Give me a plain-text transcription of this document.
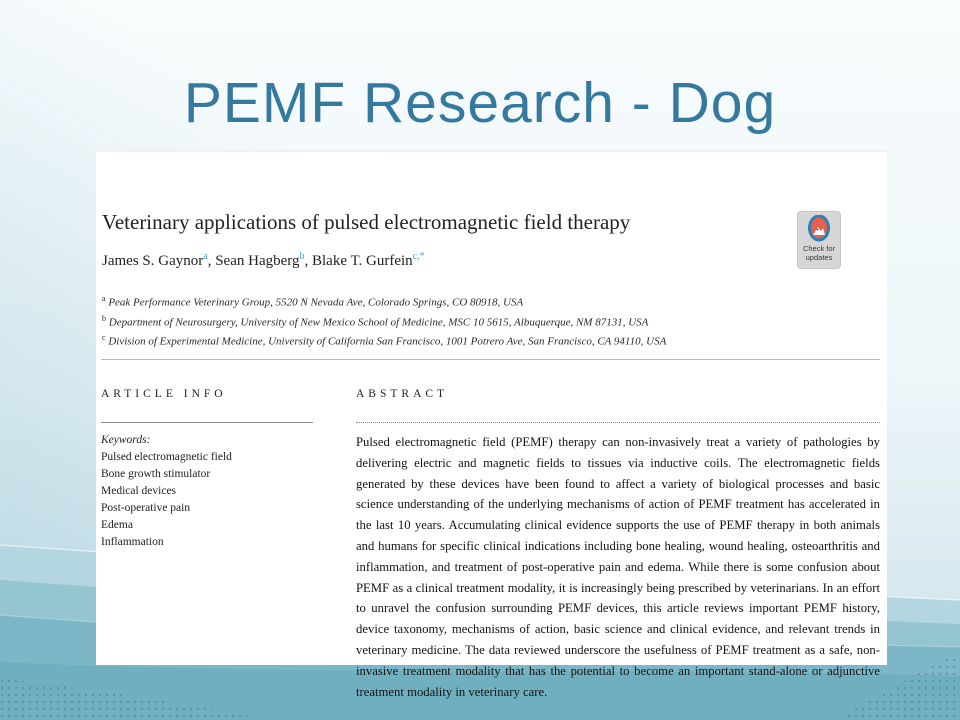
PEMF Research - Dog
Veterinary applications of pulsed electromagnetic field therapy
James S. Gaynor$^a$, Sean Hagberg$^b$, Blake T. Gurfein$^{c,*}$
Check for
updates
$^a$ Peak Performance Veterinary Group, 5520 N Nevada Ave, Colorado Springs, CO 80918, USA
$^b$ Department of Neurosurgery, University of New Mexico School of Medicine, MSC 10 5615, Albuquerque, NM 87131, USA
$^c$ Division of Experimental Medicine, University of California San Francisco, 1001 Potrero Ave, San Francisco, CA 94110, USA
ARTICLE INFO
Keywords:
Pulsed electromagnetic field
Bone growth stimulator
Medical devices
Post-operative pain
Edema
Inflammation
ABSTRACT
Pulsed electromagnetic field (PEMF) therapy can non-invasively treat a variety of pathologies by delivering electric and magnetic fields to tissues via inductive coils. The electromagnetic fields generated by these devices have been found to affect a variety of biological processes and basic science understanding of the underlying mechanisms of action of PEMF treatment has accelerated in the last 10 years. Accumulating clinical evidence supports the use of PEMF therapy in both animals and humans for specific clinical indications including bone healing, wound healing, osteoarthritis and inflammation, and treatment of post-operative pain and edema. While there is some confusion about PEMF as a clinical treatment modality, it is increasingly being prescribed by veterinarians. In an effort to unravel the confusion surrounding PEMF devices, this article reviews important PEMF history, device taxonomy, mechanisms of action, basic science and clinical evidence, and relevant trends in veterinary medicine. The data reviewed underscore the usefulness of PEMF treatment as a safe, non-invasive treatment modality that has the potential to become an important stand-alone or adjunctive treatment modality in veterinary care.
